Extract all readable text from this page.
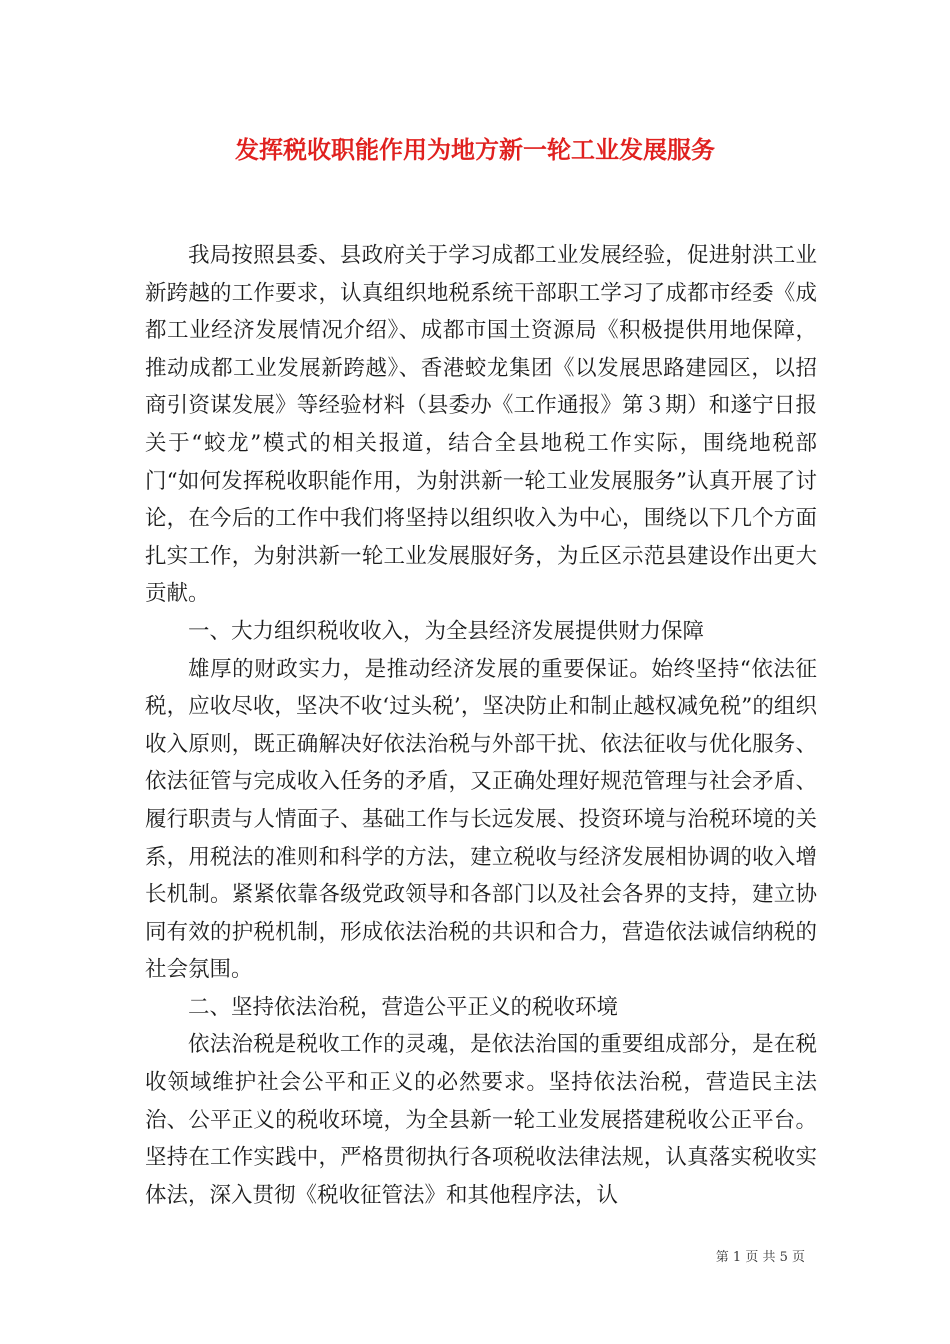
发挥税收职能作用为地方新一轮工业发展服务

我局按照县委、县政府关于学习成都工业发展经验，促进射洪工业新跨越的工作要求，认真组织地税系统干部职工学习了成都市经委《成都工业经济发展情况介绍》、成都市国土资源局《积极提供用地保障，推动成都工业发展新跨越》、香港蛟龙集团《以发展思路建园区，以招商引资谋发展》等经验材料（县委办《工作通报》第３期）和遂宁日报关于“蛟龙”模式的相关报道，结合全县地税工作实际，围绕地税部门“如何发挥税收职能作用，为射洪新一轮工业发展服务”认真开展了讨论，在今后的工作中我们将坚持以组织收入为中心，围绕以下几个方面扎实工作，为射洪新一轮工业发展服好务，为丘区示范县建设作出更大贡献。

一、大力组织税收收入，为全县经济发展提供财力保障

雄厚的财政实力，是推动经济发展的重要保证。始终坚持“依法征税，应收尽收，坚决不收‘过头税’，坚决防止和制止越权减免税”的组织收入原则，既正确解决好依法治税与外部干扰、依法征收与优化服务、依法征管与完成收入任务的矛盾，又正确处理好规范管理与社会矛盾、履行职责与人情面子、基础工作与长远发展、投资环境与治税环境的关系，用税法的准则和科学的方法，建立税收与经济发展相协调的收入增长机制。紧紧依靠各级党政领导和各部门以及社会各界的支持，建立协同有效的护税机制，形成依法治税的共识和合力，营造依法诚信纳税的社会氛围。

二、坚持依法治税，营造公平正义的税收环境

依法治税是税收工作的灵魂，是依法治国的重要组成部分，是在税收领域维护社会公平和正义的必然要求。坚持依法治税，营造民主法治、公平正义的税收环境，为全县新一轮工业发展搭建税收公正平台。坚持在工作实践中，严格贯彻执行各项税收法律法规，认真落实税收实体法，深入贯彻《税收征管法》和其他程序法，认

第 1 页 共 5 页
